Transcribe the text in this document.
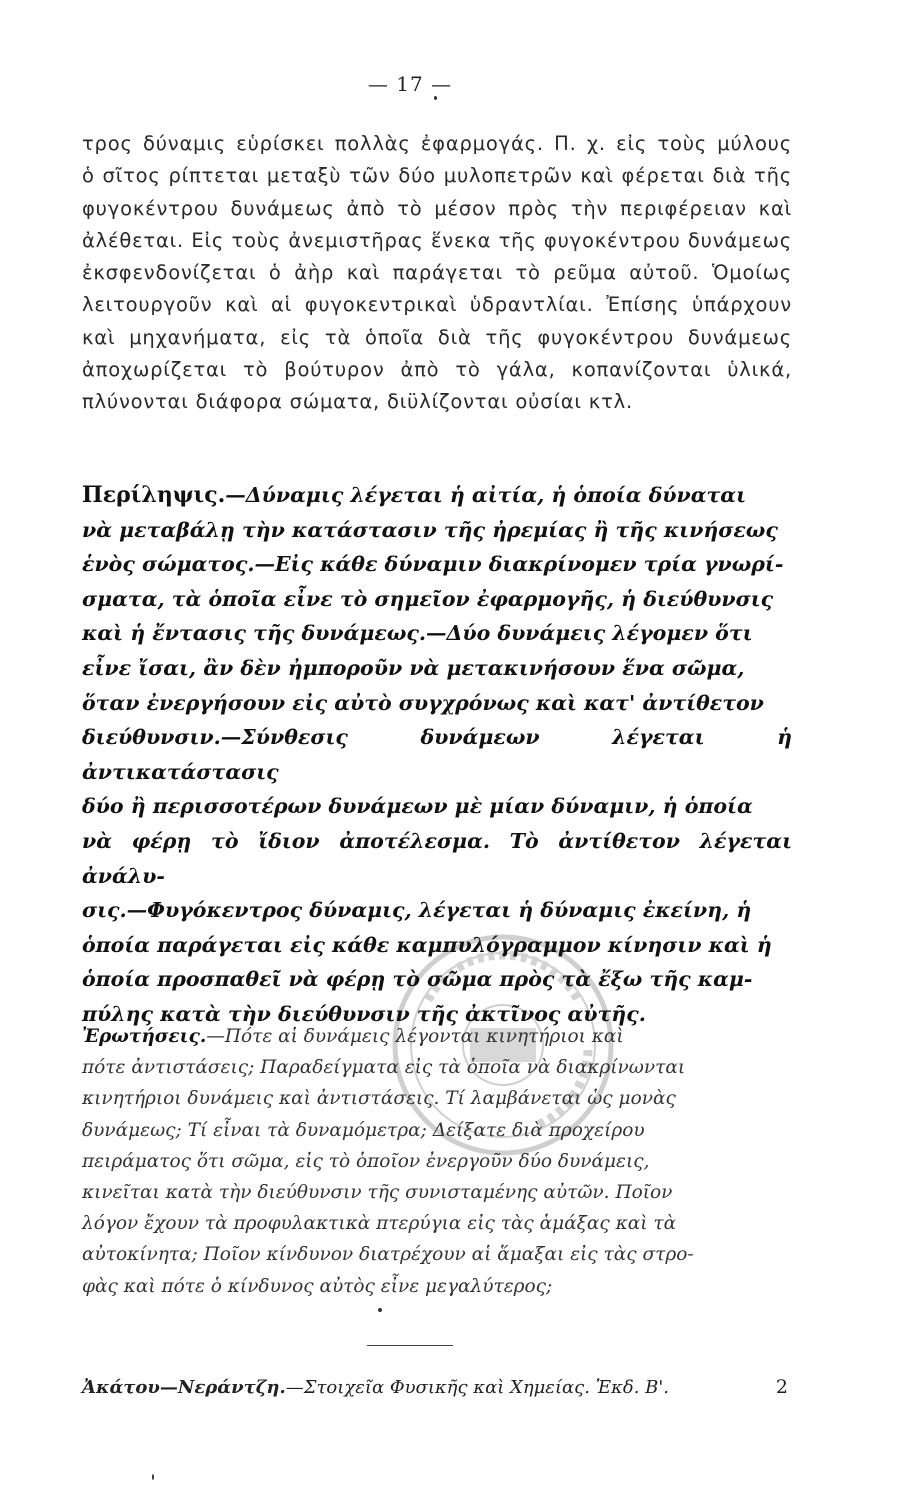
— 17 —

τρος δύναμις εὑρίσκει πολλὰς ἐφαρμογάς. Π. χ. εἰς τοὺς μύλους
ὁ σῖτος ρίπτεται μεταξὺ τῶν δύο μυλοπετρῶν καὶ φέρεται διὰ τῆς
φυγοκέντρου δυνάμεως ἀπὸ τὸ μέσον πρὸς τὴν περιφέρειαν καὶ
ἀλέθεται. Εἰς τοὺς ἀνεμιστῆρας ἕνεκα τῆς φυγοκέντρου δυνάμεως
ἐκσφενδονίζεται ὁ ἀὴρ καὶ παράγεται τὸ ρεῦμα αὐτοῦ. Ὁμοίως
λειτουργοῦν καὶ αἱ φυγοκεντρικαὶ ὑδραντλίαι. Ἐπίσης ὑπάρχουν
καὶ μηχανήματα, εἰς τὰ ὁποῖα διὰ τῆς φυγοκέντρου δυνάμεως
ἀποχωρίζεται τὸ βούτυρον ἀπὸ τὸ γάλα, κοπανίζονται ὑλικά,
πλύνονται διάφορα σώματα, διϋλίζονται οὐσίαι κτλ.

Περίληψις.—Δύναμις λέγεται ἡ αἰτία, ἡ ὁποία δύναται
νὰ μεταβάλῃ τὴν κατάστασιν τῆς ἠρεμίας ἢ τῆς κινήσεως
ἑνὸς σώματος.—Εἰς κάθε δύναμιν διακρίνομεν τρία γνωρί-
σματα, τὰ ὁποῖα εἶνε τὸ σημεῖον ἐφαρμογῆς, ἡ διεύθυνσις
καὶ ἡ ἔντασις τῆς δυνάμεως.—Δύο δυνάμεις λέγομεν ὅτι
εἶνε ἴσαι, ἂν δὲν ἠμποροῦν νὰ μετακινήσουν ἕνα σῶμα,
ὅταν ἐνεργήσουν εἰς αὐτὸ συγχρόνως καὶ κατ' ἀντίθετον
διεύθυνσιν.—Σύνθεσις δυνάμεων λέγεται ἡ ἀντικατάστασις
δύο ἢ περισσοτέρων δυνάμεων μὲ μίαν δύναμιν, ἡ ὁποία
νὰ φέρῃ τὸ ἴδιον ἀποτέλεσμα. Τὸ ἀντίθετον λέγεται ἀνάλυ-
σις.—Φυγόκεντρος δύναμις, λέγεται ἡ δύναμις ἐκείνη, ἡ
ὁποία παράγεται εἰς κάθε καμπυλόγραμμον κίνησιν καὶ ἡ
ὁποία προσπαθεῖ νὰ φέρῃ τὸ σῶμα πρὸς τὰ ἔξω τῆς καμ-
πύλης κατὰ τὴν διεύθυνσιν τῆς ἀκτῖνος αὐτῆς.

Ἐρωτήσεις.—Πότε αἱ δυνάμεις λέγονται κινητήριοι καὶ
πότε ἀντιστάσεις; Παραδείγματα εἰς τὰ ὁποῖα νὰ διακρίνωνται
κινητήριοι δυνάμεις καὶ ἀντιστάσεις. Τί λαμβάνεται ὡς μονὰς
δυνάμεως; Τί εἶναι τὰ δυναμόμετρα; Δείξατε διὰ προχείρου
πειράματος ὅτι σῶμα, εἰς τὸ ὁποῖον ἐνεργοῦν δύο δυνάμεις,
κινεῖται κατὰ τὴν διεύθυνσιν τῆς συνισταμένης αὐτῶν. Ποῖον
λόγον ἔχουν τὰ προφυλακτικὰ πτερύγια εἰς τὰς ἁμάξας καὶ τὰ
αὐτοκίνητα; Ποῖον κίνδυνον διατρέχουν αἱ ἅμαξαι εἰς τὰς στρο-
φὰς καὶ πότε ὁ κίνδυνος αὐτὸς εἶνε μεγαλύτερος;

Ἀκάτου—Νεράντζη.—Στοιχεῖα Φυσικῆς καὶ Χημείας. Ἐκδ. Β'.	2
